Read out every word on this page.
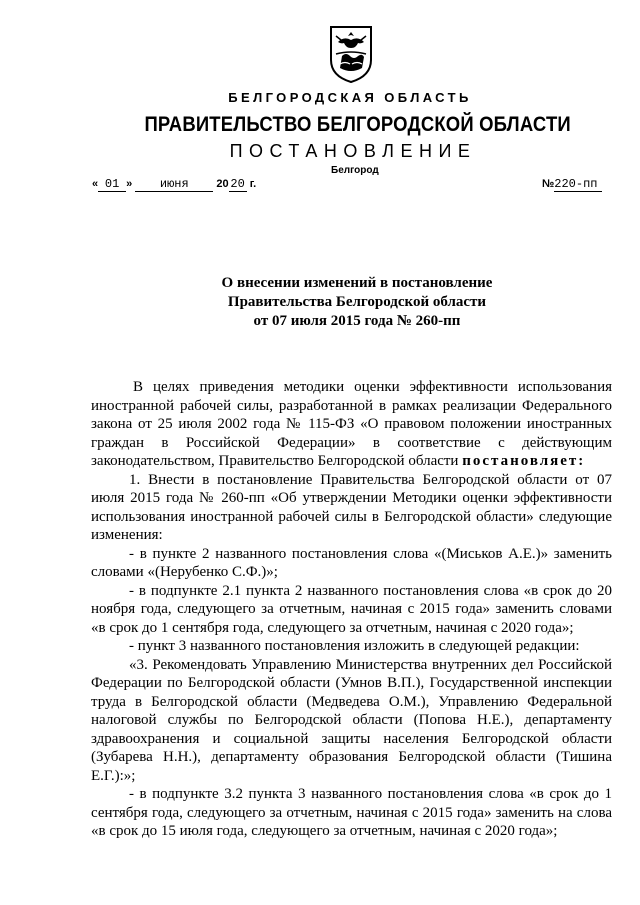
БЕЛГОРОДСКАЯ ОБЛАСТЬ
ПРАВИТЕЛЬСТВО БЕЛГОРОДСКОЙ ОБЛАСТИ
ПОСТАНОВЛЕНИЕ
Белгород
« 01 » июня	20 20 г.	№220-пп
О внесении изменений в постановление
Правительства Белгородской области
от 07 июля 2015 года № 260-пп

В целях приведения методики оценки эффективности использования иностранной рабочей силы, разработанной в рамках реализации Федерального закона от 25 июля 2002 года № 115-ФЗ «О правовом положении иностранных граждан в Российской Федерации» в соответствие с действующим законодательством, Правительство Белгородской области постановляет:

1. Внести в постановление Правительства Белгородской области от 07 июля 2015 года № 260-пп «Об утверждении Методики оценки эффективности использования иностранной рабочей силы в Белгородской области» следующие изменения:

- в пункте 2 названного постановления слова «(Миськов А.Е.)» заменить словами «(Нерубенко С.Ф.)»;

- в подпункте 2.1 пункта 2 названного постановления слова «в срок до 20 ноября года, следующего за отчетным, начиная с 2015 года» заменить словами «в срок до 1 сентября года, следующего за отчетным, начиная с 2020 года»;

- пункт 3 названного постановления изложить в следующей редакции:

«3. Рекомендовать Управлению Министерства внутренних дел Российской Федерации по Белгородской области (Умнов В.П.), Государственной инспекции труда в Белгородской области (Медведева О.М.), Управлению Федеральной налоговой службы по Белгородской области (Попова Н.Е.), департаменту здравоохранения и социальной защиты населения Белгородской области (Зубарева Н.Н.), департаменту образования Белгородской области (Тишина Е.Г.):»;

- в подпункте 3.2 пункта 3 названного постановления слова «в срок до 1 сентября года, следующего за отчетным, начиная с 2015 года» заменить на слова «в срок до 15 июля года, следующего за отчетным, начиная с 2020 года»;
